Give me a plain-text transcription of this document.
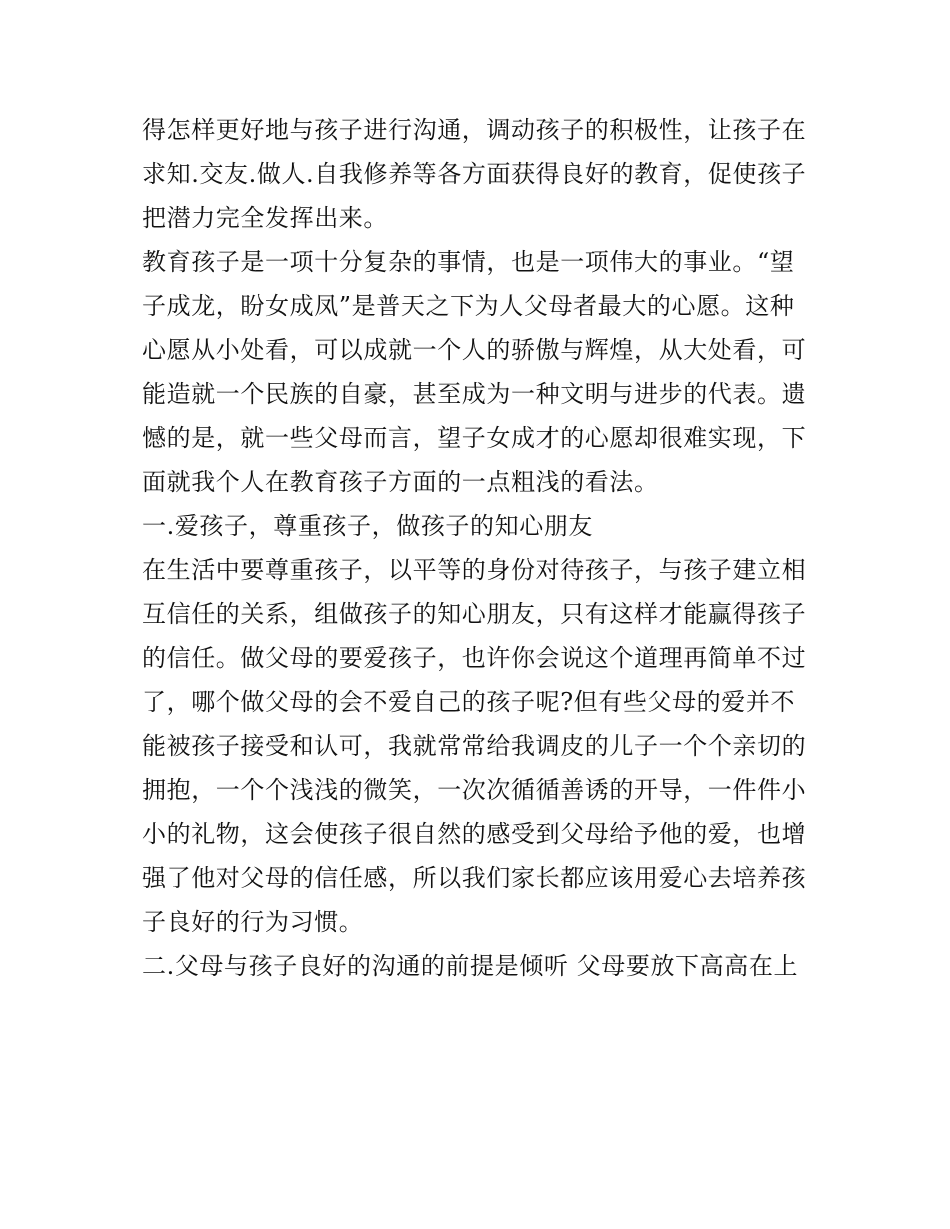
得怎样更好地与孩子进行沟通，调动孩子的积极性，让孩子在
求知.交友.做人.自我修养等各方面获得良好的教育，促使孩子
把潜力完全发挥出来。
教育孩子是一项十分复杂的事情，也是一项伟大的事业。“望
子成龙，盼女成凤”是普天之下为人父母者最大的心愿。这种
心愿从小处看，可以成就一个人的骄傲与辉煌，从大处看，可
能造就一个民族的自豪，甚至成为一种文明与进步的代表。遗
憾的是，就一些父母而言，望子女成才的心愿却很难实现，下
面就我个人在教育孩子方面的一点粗浅的看法。
一.爱孩子，尊重孩子，做孩子的知心朋友
在生活中要尊重孩子，以平等的身份对待孩子，与孩子建立相
互信任的关系，组做孩子的知心朋友，只有这样才能赢得孩子
的信任。做父母的要爱孩子，也许你会说这个道理再简单不过
了，哪个做父母的会不爱自己的孩子呢?但有些父母的爱并不
能被孩子接受和认可，我就常常给我调皮的儿子一个个亲切的
拥抱，一个个浅浅的微笑，一次次循循善诱的开导，一件件小
小的礼物，这会使孩子很自然的感受到父母给予他的爱，也增
强了他对父母的信任感，所以我们家长都应该用爱心去培养孩
子良好的行为习惯。
二.父母与孩子良好的沟通的前提是倾听 父母要放下高高在上
